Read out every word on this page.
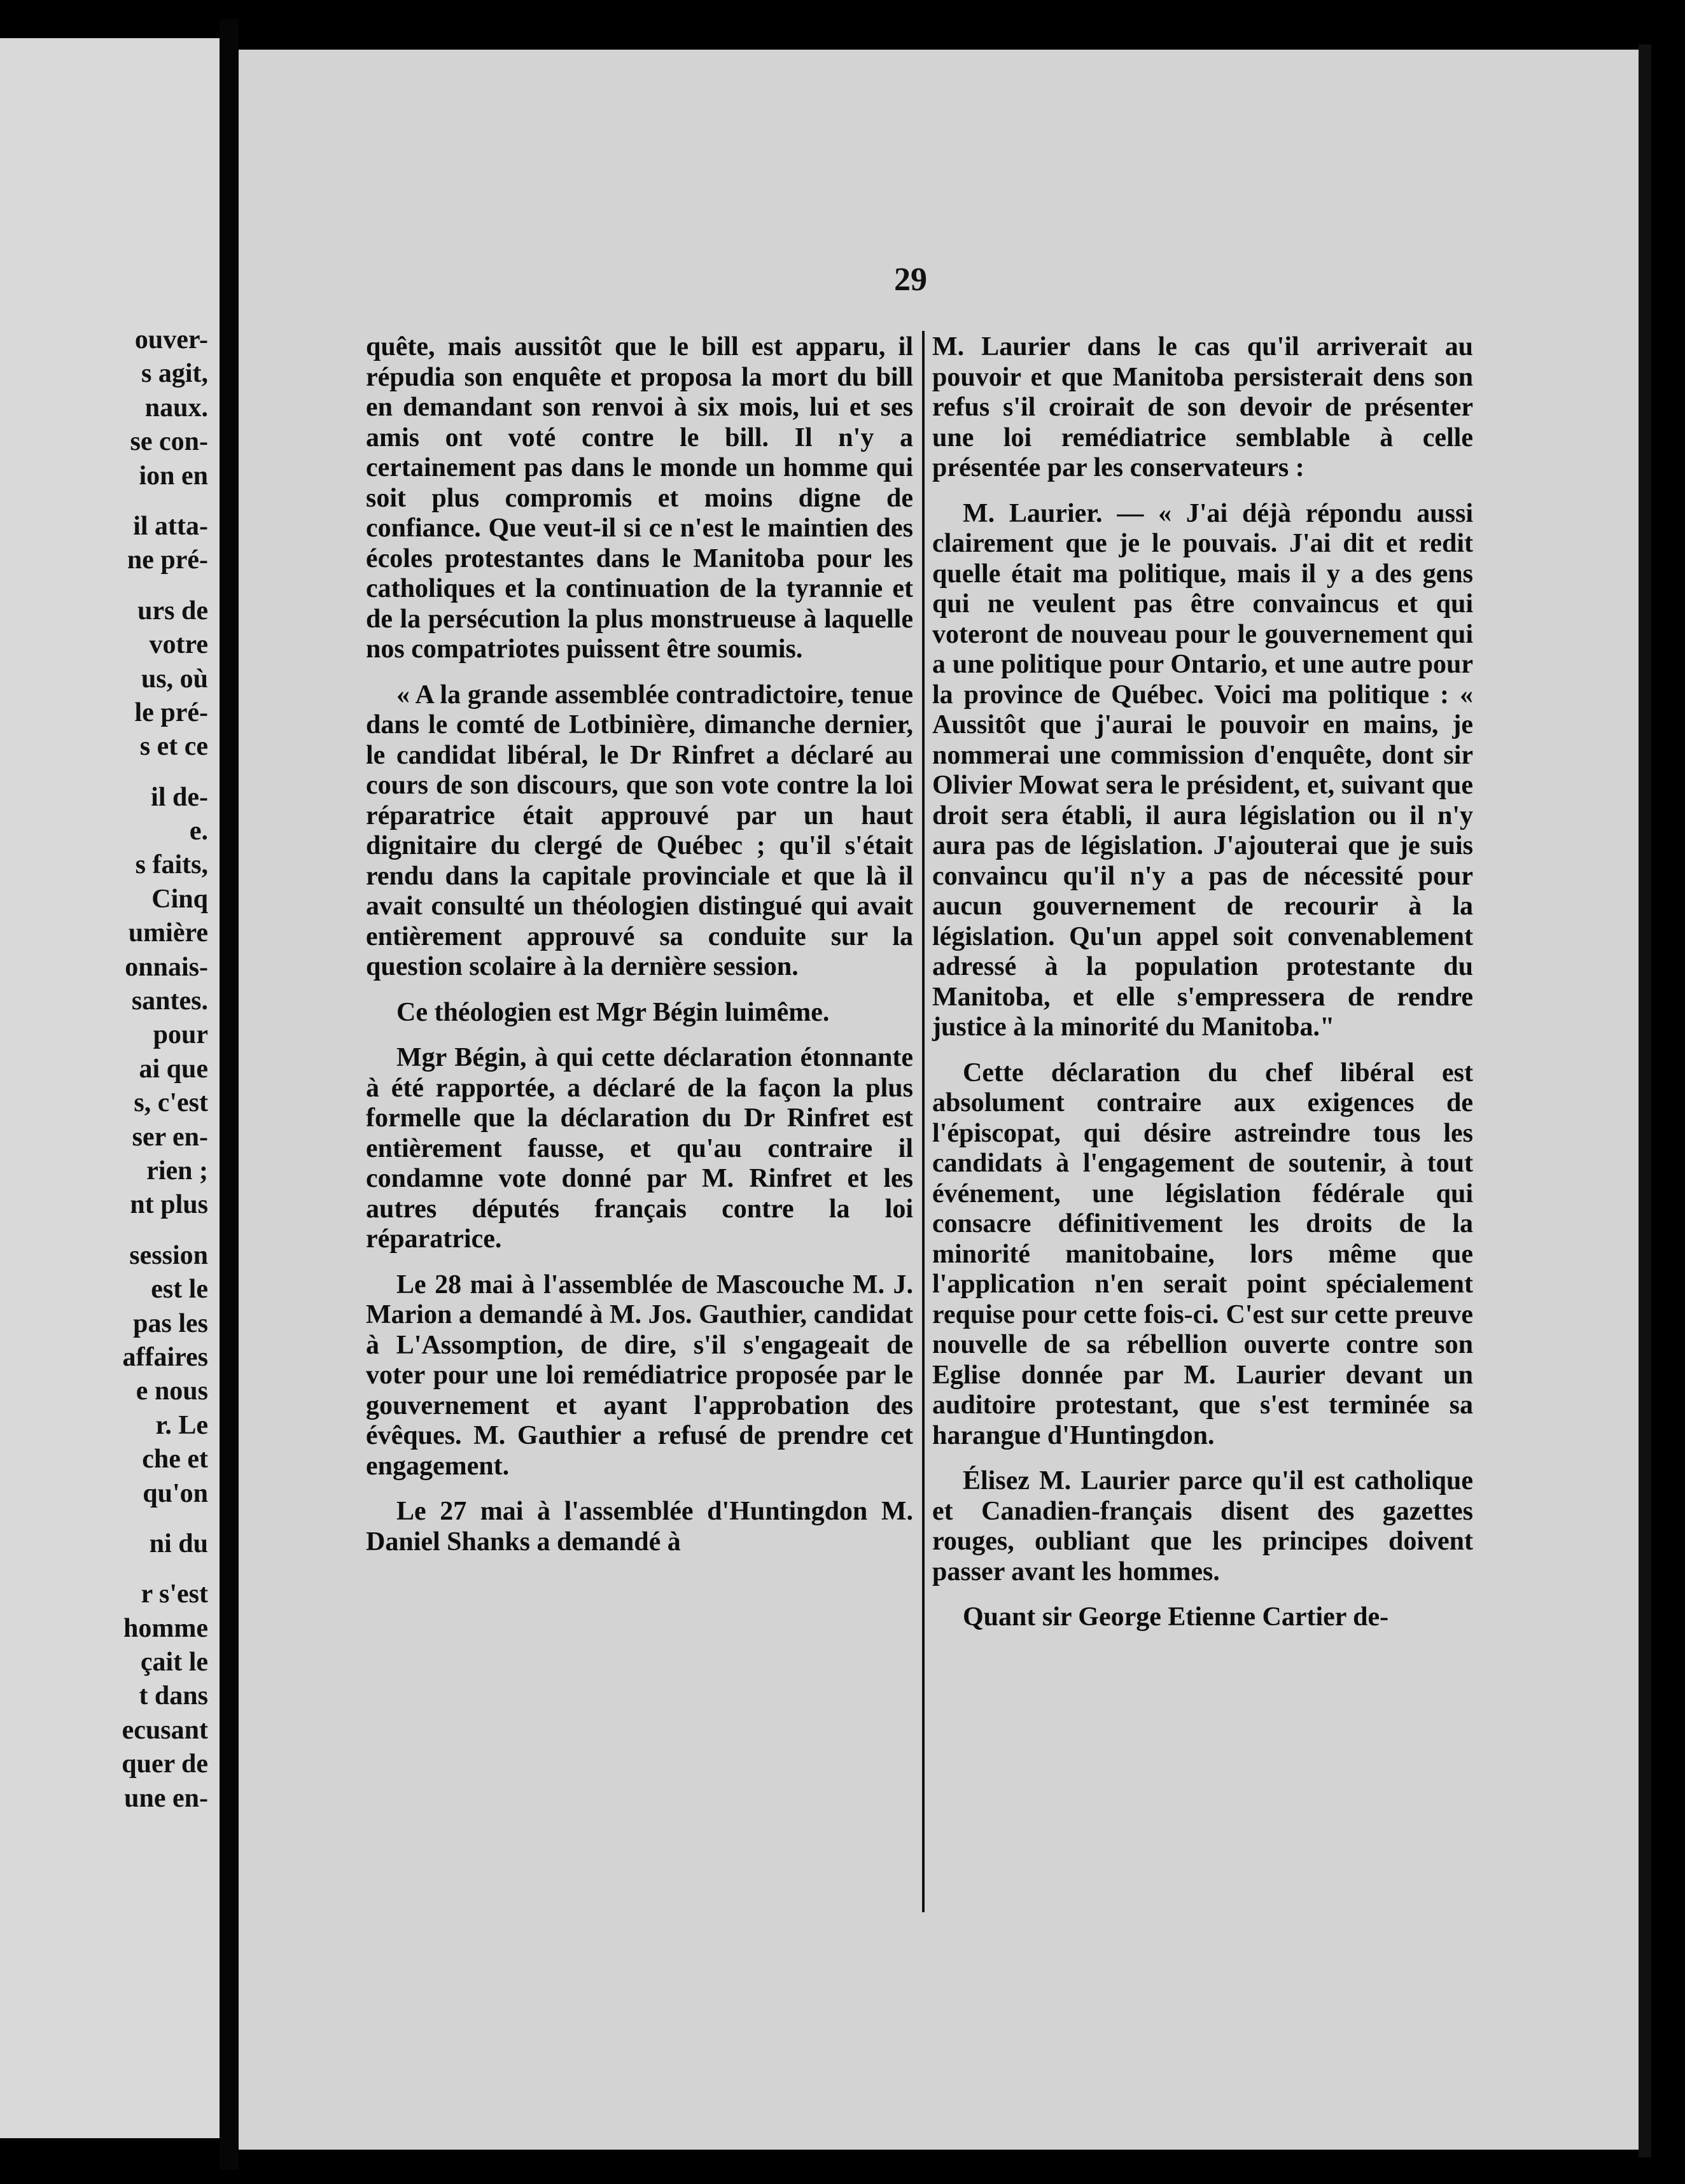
ouver-
s agit,
naux.
se con-
ion en
il atta-
ne pré-
urs de
votre
us, où
le pré-
s et ce
il de-
e.
s faits,
Cinq
umière
onnais-
santes.
pour
ai que
s, c'est
ser en-
rien ;
nt plus
session
est le
pas les
affaires
e nous
r. Le
che et
qu'on
ni du
r s'est
homme
çait le
t dans
ecusant
quer de
une en-
29

quête, mais aussitôt que le bill est apparu, il répudia son enquête et proposa la mort du bill en demandant son renvoi à six mois, lui et ses amis ont voté contre le bill. Il n'y a certainement pas dans le monde un homme qui soit plus compromis et moins digne de confiance. Que veut-il si ce n'est le maintien des écoles protestantes dans le Manitoba pour les catholiques et la continuation de la tyrannie et de la persécution la plus monstrueuse à laquelle nos compatriotes puissent être soumis.

« A la grande assemblée contradictoire, tenue dans le comté de Lotbinière, dimanche dernier, le candidat libéral, le Dr Rinfret a déclaré au cours de son discours, que son vote contre la loi réparatrice était approuvé par un haut dignitaire du clergé de Québec ; qu'il s'était rendu dans la capitale provinciale et que là il avait consulté un théologien distingué qui avait entièrement approuvé sa conduite sur la question scolaire à la dernière session.

Ce théologien est Mgr Bégin luimême.

Mgr Bégin, à qui cette déclaration étonnante à été rapportée, a déclaré de la façon la plus formelle que la déclaration du Dr Rinfret est entièrement fausse, et qu'au contraire il condamne vote donné par M. Rinfret et les autres députés français contre la loi réparatrice.

Le 28 mai à l'assemblée de Mascouche M. J. Marion a demandé à M. Jos. Gauthier, candidat à L'Assomption, de dire, s'il s'engageait de voter pour une loi remédiatrice proposée par le gouvernement et ayant l'approbation des évêques. M. Gauthier a refusé de prendre cet engagement.

Le 27 mai à l'assemblée d'Huntingdon M. Daniel Shanks a demandé à

M. Laurier dans le cas qu'il arriverait au pouvoir et que Manitoba persisterait dens son refus s'il croirait de son devoir de présenter une loi remédiatrice semblable à celle présentée par les conservateurs :

M. Laurier. — « J'ai déjà répondu aussi clairement que je le pouvais. J'ai dit et redit quelle était ma politique, mais il y a des gens qui ne veulent pas être convaincus et qui voteront de nouveau pour le gouvernement qui a une politique pour Ontario, et une autre pour la province de Québec. Voici ma politique : « Aussitôt que j'aurai le pouvoir en mains, je nommerai une commission d'enquête, dont sir Olivier Mowat sera le président, et, suivant que droit sera établi, il aura législation ou il n'y aura pas de législation. J'ajouterai que je suis convaincu qu'il n'y a pas de nécessité pour aucun gouvernement de recourir à la législation. Qu'un appel soit convenablement adressé à la population protestante du Manitoba, et elle s'empressera de rendre justice à la minorité du Manitoba."

Cette déclaration du chef libéral est absolument contraire aux exigences de l'épiscopat, qui désire astreindre tous les candidats à l'engagement de soutenir, à tout événement, une législation fédérale qui consacre définitivement les droits de la minorité manitobaine, lors même que l'application n'en serait point spécialement requise pour cette fois-ci. C'est sur cette preuve nouvelle de sa rébellion ouverte contre son Eglise donnée par M. Laurier devant un auditoire protestant, que s'est terminée sa harangue d'Huntingdon.

Élisez M. Laurier parce qu'il est catholique et Canadien-français disent des gazettes rouges, oubliant que les principes doivent passer avant les hommes.

Quant sir George Etienne Cartier de-
